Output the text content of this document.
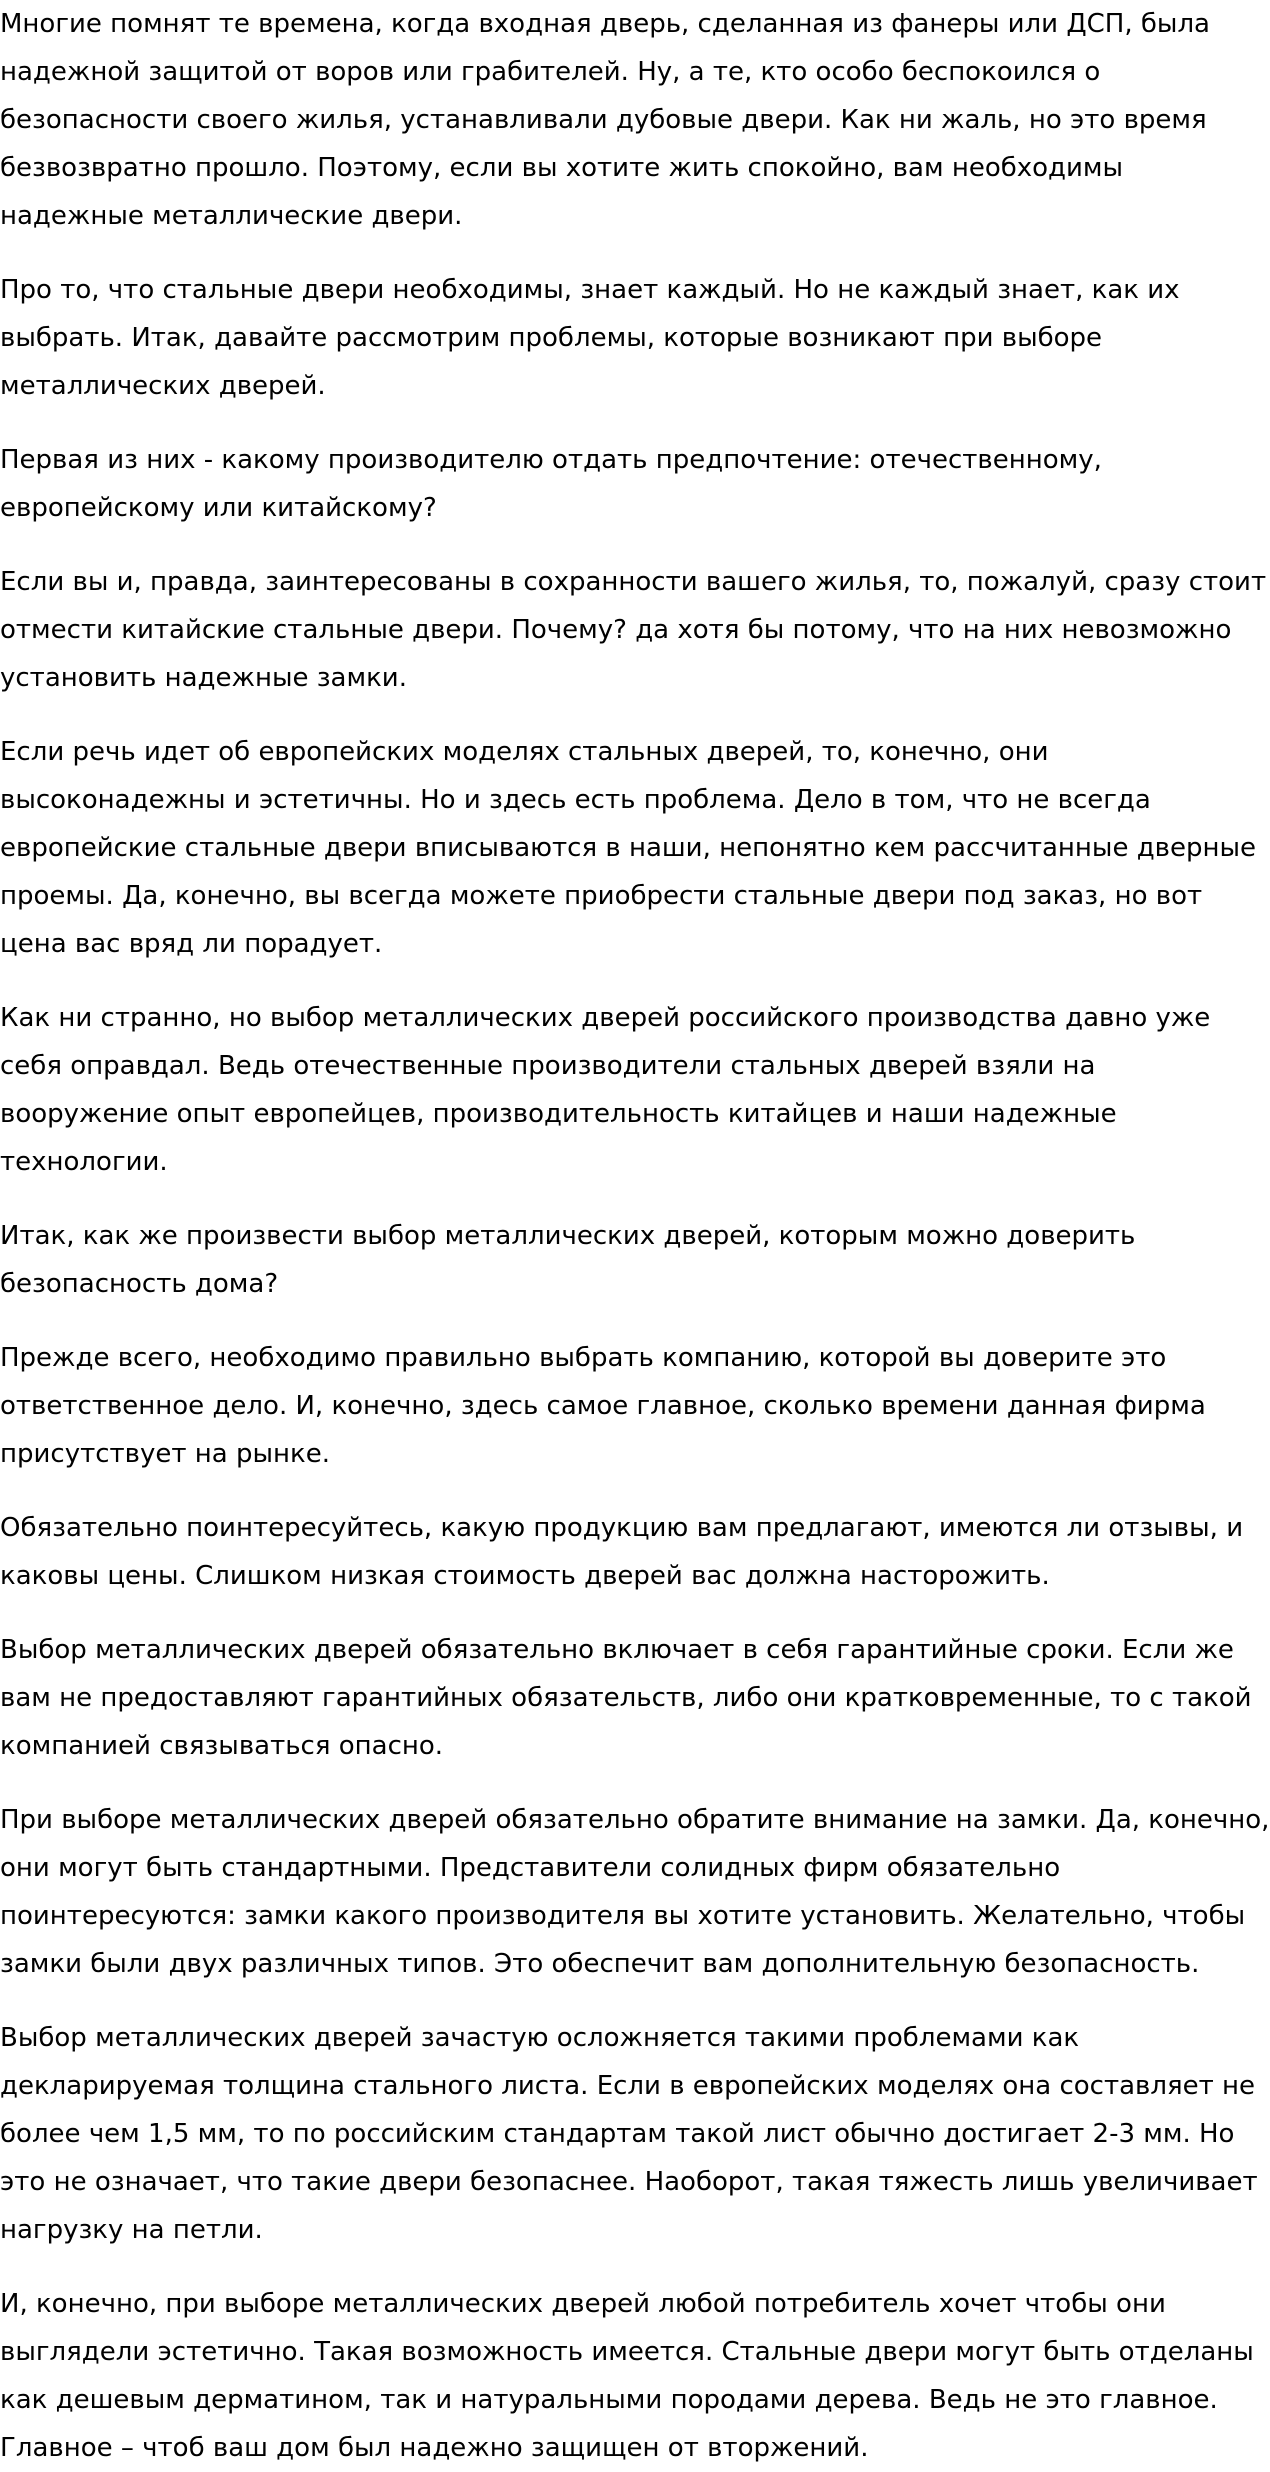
Многие помнят те времена, когда входная дверь, сделанная из фанеры или ДСП, была надежной защитой от воров или грабителей. Ну, а те, кто особо беспокоился о безопасности своего жилья, устанавливали дубовые двери. Как ни жаль, но это время безвозвратно прошло. Поэтому, если вы хотите жить спокойно, вам необходимы надежные металлические двери.

Про то, что стальные двери необходимы, знает каждый. Но не каждый знает, как их выбрать. Итак, давайте рассмотрим проблемы, которые возникают при выборе металлических дверей.

Первая из них - какому производителю отдать предпочтение: отечественному, европейскому или китайскому?

Если вы и, правда, заинтересованы в сохранности вашего жилья, то, пожалуй, сразу стоит отмести китайские стальные двери. Почему? да хотя бы потому, что на них невозможно установить надежные замки.

Если речь идет об европейских моделях стальных дверей, то, конечно, они высоконадежны и эстетичны. Но и здесь есть проблема. Дело в том, что не всегда европейские стальные двери вписываются в наши, непонятно кем рассчитанные дверные проемы. Да, конечно, вы всегда можете приобрести стальные двери под заказ, но вот цена вас вряд ли порадует.

Как ни странно, но выбор металлических дверей российского производства давно уже себя оправдал. Ведь отечественные производители стальных дверей взяли на вооружение опыт европейцев, производительность китайцев и наши надежные технологии.

Итак, как же произвести выбор металлических дверей, которым можно доверить безопасность дома?

Прежде всего, необходимо правильно выбрать компанию, которой вы доверите это ответственное дело. И, конечно, здесь самое главное, сколько времени данная фирма присутствует на рынке.

Обязательно поинтересуйтесь, какую продукцию вам предлагают, имеются ли отзывы, и каковы цены. Слишком низкая стоимость дверей вас должна насторожить.

Выбор металлических дверей обязательно включает в себя гарантийные сроки. Если же вам не предоставляют гарантийных обязательств, либо они кратковременные, то с такой компанией связываться опасно.

При выборе металлических дверей обязательно обратите внимание на замки. Да, конечно, они могут быть стандартными. Представители солидных фирм обязательно поинтересуются: замки какого производителя вы хотите установить. Желательно, чтобы замки были двух различных типов. Это обеспечит вам дополнительную безопасность.

Выбор металлических дверей зачастую осложняется такими проблемами как декларируемая толщина стального листа. Если в европейских моделях она составляет не более чем 1,5 мм, то по российским стандартам такой лист обычно достигает 2-3 мм. Но это не означает, что такие двери безопаснее. Наоборот, такая тяжесть лишь увеличивает нагрузку на петли.

И, конечно, при выборе металлических дверей любой потребитель хочет чтобы они выглядели эстетично. Такая возможность имеется. Стальные двери могут быть отделаны как дешевым дерматином, так и натуральными породами дерева. Ведь не это главное. Главное – чтоб ваш дом был надежно защищен от вторжений.
